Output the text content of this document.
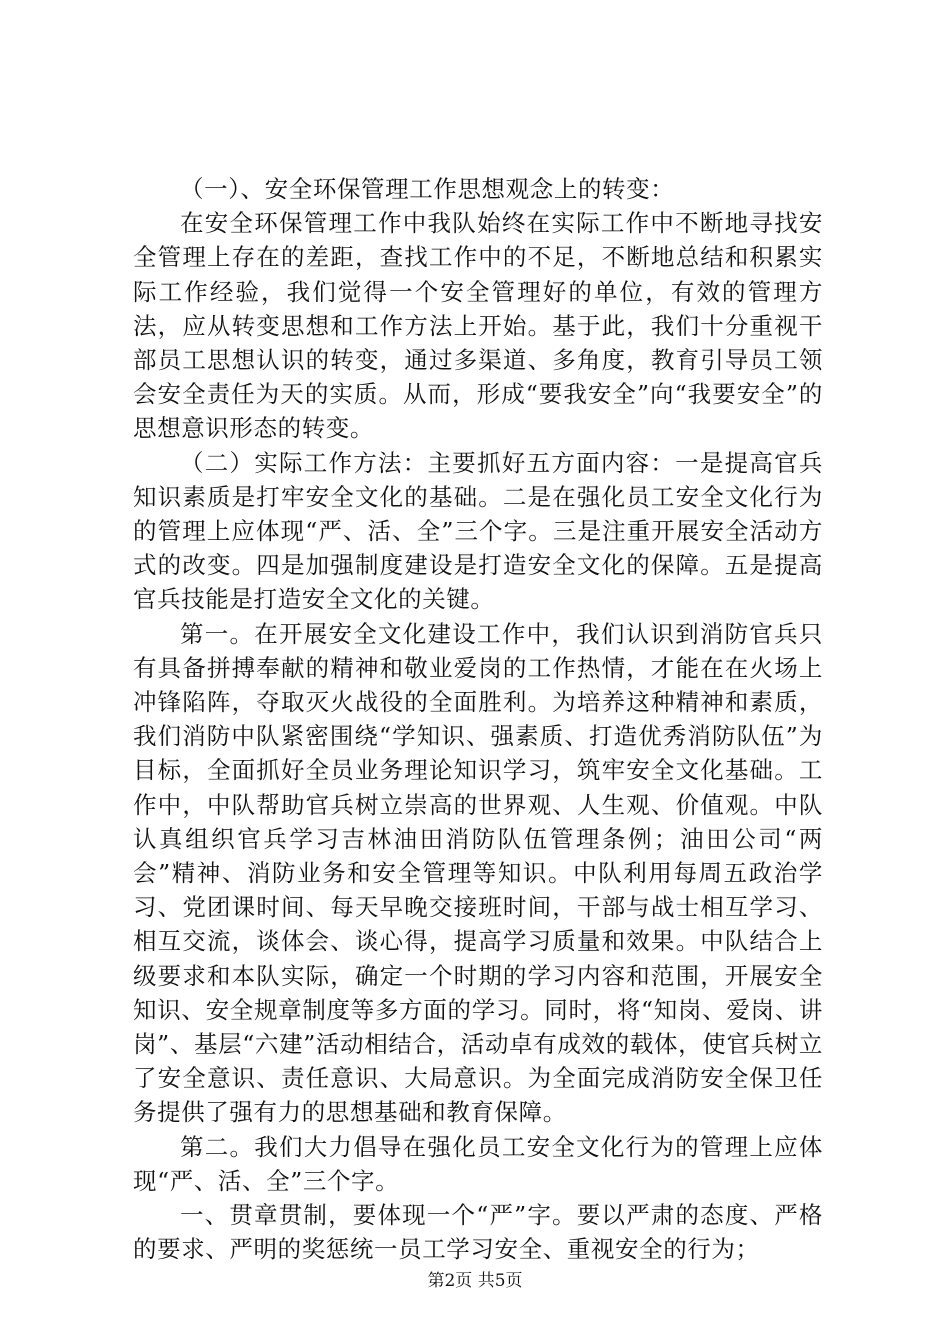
（一）、安全环保管理工作思想观念上的转变：

在安全环保管理工作中我队始终在实际工作中不断地寻找安全管理上存在的差距，查找工作中的不足，不断地总结和积累实际工作经验，我们觉得一个安全管理好的单位，有效的管理方法，应从转变思想和工作方法上开始。基于此，我们十分重视干部员工思想认识的转变，通过多渠道、多角度，教育引导员工领会安全责任为天的实质。从而，形成“要我安全”向“我要安全”的思想意识形态的转变。

（二）实际工作方法：主要抓好五方面内容：一是提高官兵知识素质是打牢安全文化的基础。二是在强化员工安全文化行为的管理上应体现“严、活、全”三个字。三是注重开展安全活动方式的改变。四是加强制度建设是打造安全文化的保障。五是提高官兵技能是打造安全文化的关键。

第一。在开展安全文化建设工作中，我们认识到消防官兵只有具备拼搏奉献的精神和敬业爱岗的工作热情，才能在在火场上冲锋陷阵，夺取灭火战役的全面胜利。为培养这种精神和素质，我们消防中队紧密围绕“学知识、强素质、打造优秀消防队伍”为目标，全面抓好全员业务理论知识学习，筑牢安全文化基础。工作中，中队帮助官兵树立崇高的世界观、人生观、价值观。中队认真组织官兵学习吉林油田消防队伍管理条例；油田公司“两会”精神、消防业务和安全管理等知识。中队利用每周五政治学习、党团课时间、每天早晚交接班时间，干部与战士相互学习、相互交流，谈体会、谈心得，提高学习质量和效果。中队结合上级要求和本队实际，确定一个时期的学习内容和范围，开展安全知识、安全规章制度等多方面的学习。同时，将“知岗、爱岗、讲岗”、基层“六建”活动相结合，活动卓有成效的载体，使官兵树立了安全意识、责任意识、大局意识。为全面完成消防安全保卫任务提供了强有力的思想基础和教育保障。

第二。我们大力倡导在强化员工安全文化行为的管理上应体现“严、活、全”三个字。

一、贯章贯制，要体现一个“严”字。要以严肃的态度、严格的要求、严明的奖惩统一员工学习安全、重视安全的行为；

第2页 共5页
